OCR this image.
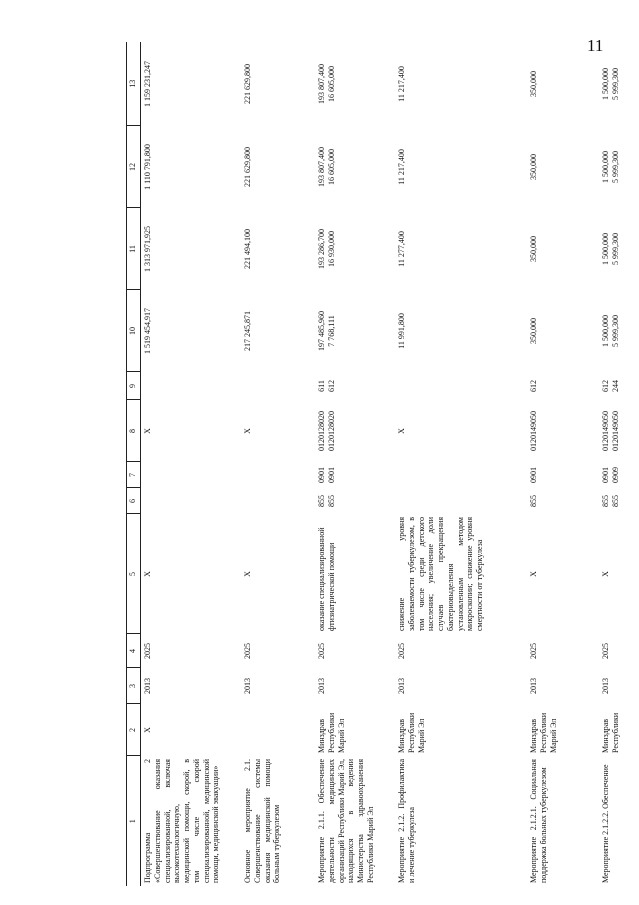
11
1	2	3	4	5	6	7	8	9	10	11	12	13
Подпрограмма 2 «Совершенствование оказания специализированной, включая высокотехнологичную, медицинской помощи, скорой, в том числе скорой специализированной, медицинской помощи, медицинской эвакуации»	Х	2013	2025	Х			Х		1 519 454,917	1 313 971,925	1 110 791,800	1 159 231,247
Основное мероприятие 2.1. Совершенствование системы оказания медицинской помощи больным туберкулезом		2013	2025	Х			Х		217 245,871	221 494,100	221 629,800	221 629,800
Мероприятие 2.1.1. Обеспечение деятельности медицинских организаций Республики Марий Эл, находящихся в ведении Министерства здравоохранения Республики Марий Эл	Минздрав Республики Марий Эл	2013	2025	оказание специализированной фтизиатрической помощи	855 855	0901 0901	0120128020 0120128020	611 612	197 485,960 7 768,111	193 286,700 16 930,000	193 807,400 16 605,000	193 807,400 16 605,000

Мероприятие 2.1.2. Профилактика и лечение туберкулеза	Минздрав Республики Марий Эл	2013	2025	снижение уровня заболеваемости туберкулезом, в том числе среди детского населения; увеличение доли случаев прекращения бактериовыделения установленным методом микроскопии; снижение уровня смертности от туберкулеза			Х		11 991,800	11 277,400	11 217,400	11 217,400
Мероприятие 2.1.2.1. Социальная поддержка больных туберкулезом	Минздрав Республики Марий Эл	2013	2025	Х	855	0901	0120149050	612	350,000	350,000	350,000	350,000
Мероприятие 2.1.2.2. Обеспечение	Минздрав Республики	2013	2025	Х	855 855	0901 0909	0120149050 0120149050	612 244	1 500,000 5 999,300	1 500,000 5 999,300	1 500,000 5 999,300	1 500,000 5 999,300
